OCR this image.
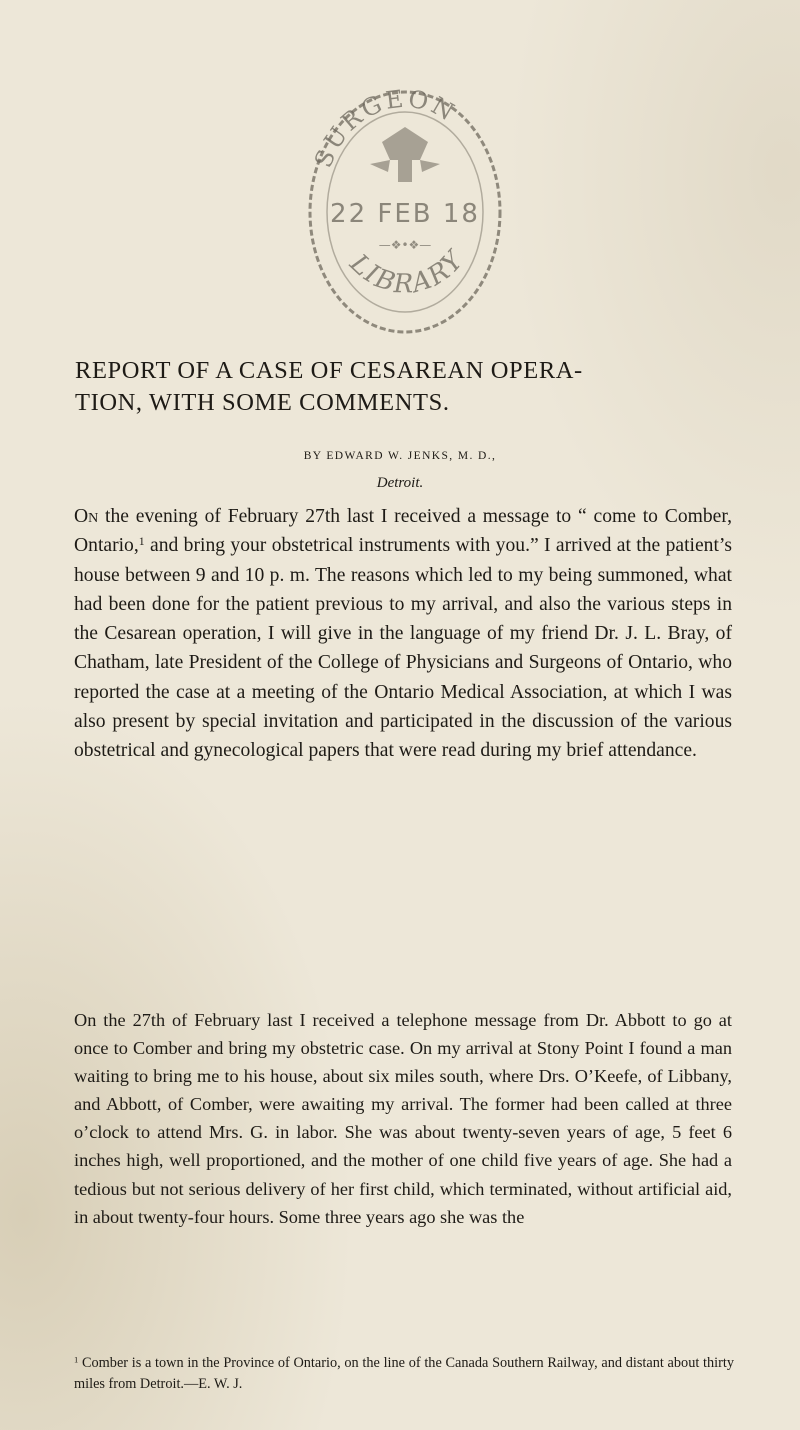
SURGEON
22 FEB 18
—❖•❖—
LIBRARY
REPORT OF A CASE OF CESAREAN OPERA-

TION, WITH SOME COMMENTS.
BY EDWARD W. JENKS, M. D.,
Detroit.

On the evening of February 27th last I received a message to “ come to Comber, Ontario,$^1$ and bring your obstetrical instruments with you.” I arrived at the patient’s house between 9 and 10 p. m. The reasons which led to my being summoned, what had been done for the patient previous to my arrival, and also the various steps in the Cesarean operation, I will give in the language of my friend Dr. J. L. Bray, of Chatham, late President of the College of Physicians and Surgeons of Ontario, who reported the case at a meeting of the Ontario Medical Association, at which I was also present by special invitation and participated in the discussion of the various obstetrical and gynecological papers that were read during my brief attendance.

On the 27th of February last I received a telephone message from Dr. Abbott to go at once to Comber and bring my obstetric case. On my arrival at Stony Point I found a man waiting to bring me to his house, about six miles south, where Drs. O’Keefe, of Libbany, and Abbott, of Comber, were awaiting my arrival. The former had been called at three o’clock to attend Mrs. G. in labor. She was about twenty-seven years of age, 5 feet 6 inches high, well proportioned, and the mother of one child five years of age. She had a tedious but not serious delivery of her first child, which terminated, without artificial aid, in about twenty-four hours. Some three years ago she was the

$^1$ Comber is a town in the Province of Ontario, on the line of the Canada Southern Railway, and distant about thirty miles from Detroit.—E. W. J.
